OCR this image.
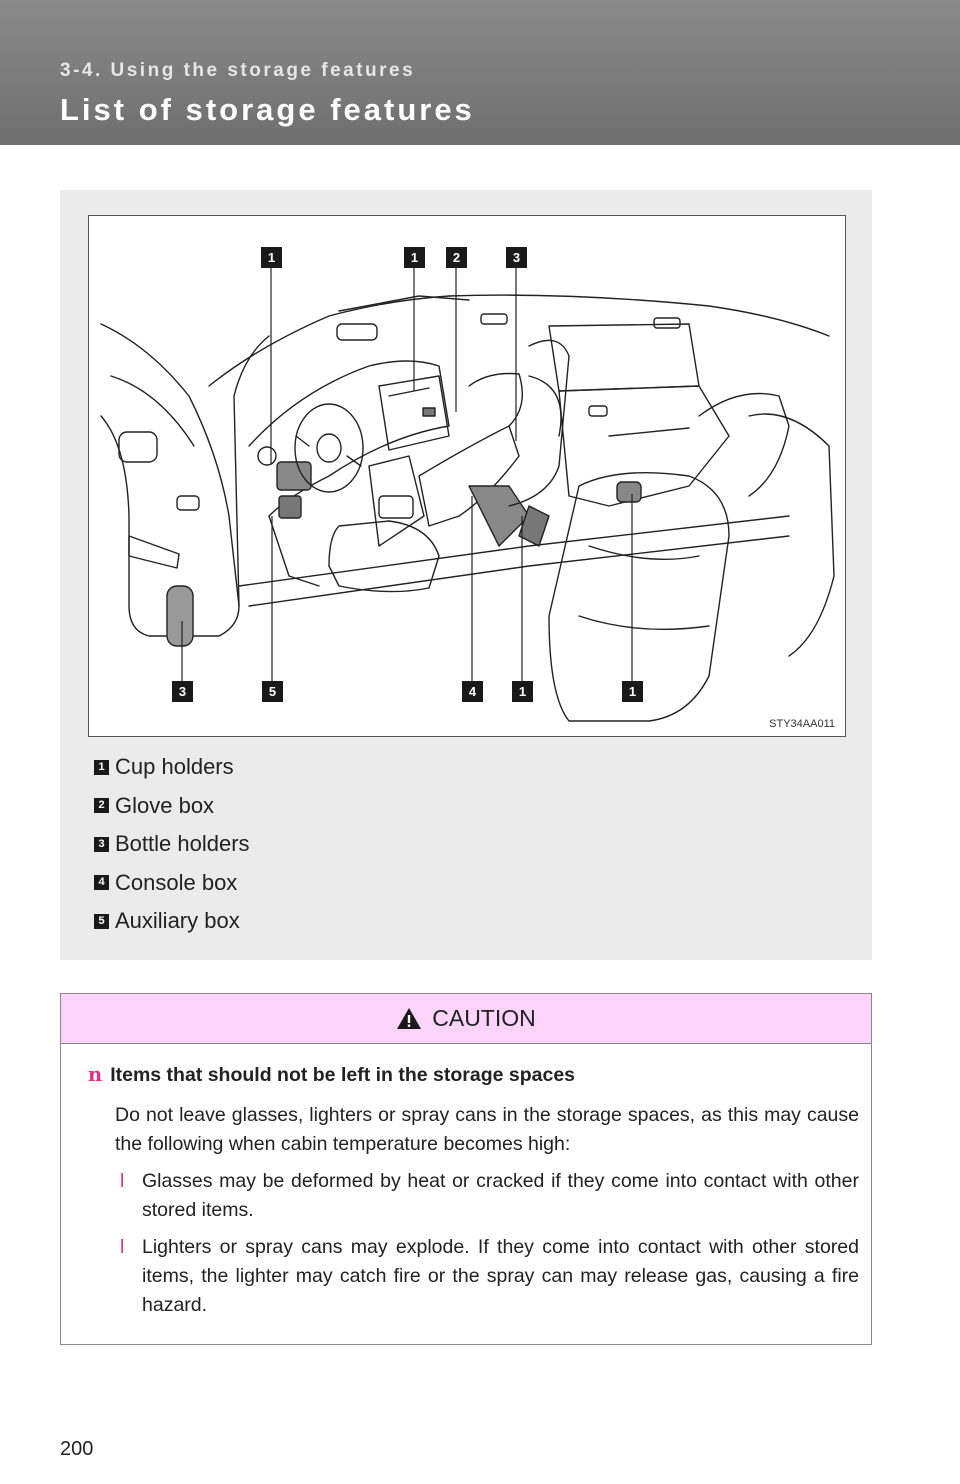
3-4. Using the storage features
List of storage features
1	1	2	3
3	5	4	1	1
STY34AA011
1 Cup holders
2 Glove box
3 Bottle holders
4 Console box
5 Auxiliary box
CAUTION
n Items that should not be left in the storage spaces
Do not leave glasses, lighters or spray cans in the storage spaces, as this may cause the following when cabin temperature becomes high:
l Glasses may be deformed by heat or cracked if they come into contact with other stored items.
l Lighters or spray cans may explode. If they come into contact with other stored items, the lighter may catch fire or the spray can may release gas, causing a fire hazard.
200
